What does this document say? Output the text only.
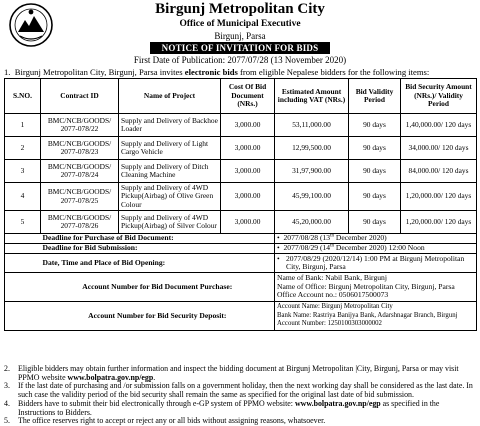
Birgunj Metropolitan City
Office of Municipal Executive
Birgunj, Parsa
NOTICE OF INVITATION FOR BIDS
First Date of Publication: 2077/07/28 (13 November 2020)
1. Birgunj Metropolitan City, Birgunj, Parsa invites electronic bids from eligible Nepalese bidders for the following items:
S.NO.	Contract ID	Name of Project	Cost Of Bid Document (NRs.)	Estimated Amount including VAT (NRs.)	Bid Validity Period	Bid Security Amount (NRs.)/ Validity Period
1	BMC/NCB/GOODS/ 2077-078/22	Supply and Delivery of Backhoe Loader	3,000.00	53,11,000.00	90 days	1,40,000.00/ 120 days
2	BMC/NCB/GOODS/ 2077-078/23	Supply and Delivery of Light Cargo Vehicle	3,000.00	12,99,500.00	90 days	34,000.00/ 120 days
3	BMC/NCB/GOODS/ 2077-078/24	Supply and Delivery of Ditch Cleaning Machine	3,000.00	31,97,900.00	90 days	84,000.00/ 120 days
4	BMC/NCB/GOODS/ 2077-078/25	Supply and Delivery of 4WD Pickup(Airbag) of Olive Green Colour	3,000.00	45,99,100.00	90 days	1,20,000.00/ 120 days
5	BMC/NCB/GOODS/ 2077-078/26	Supply and Delivery of 4WD Pickup(Airbag) of Silver Colour	3,000.00	45,20,000.00	90 days	1,20,000.00/ 120 days
	Deadline for Purchase of Bid Document:			•  2077/08/28 (13th December 2020)		
	Deadline for Bid Submission:			•  2077/08/29 (14th December 2020) 12:00 Noon		
	Date, Time and Place of Bid Opening:			• 2077/08/29 (2020/12/14) 1:00 PM at Birgunj Metropolitan City, Birgunj, Parsa		

	Account Number for Bid Document Purchase:			Name of Bank: Nabil Bank, Birgunj
Name of Office: Birgunj Metropolitan City, Birgunj, Parsa
Office Account no.: 0506017500073		

	Account Number for Bid Security Deposit:			Account Name: Birgunj Metropolitan City
Bank Name: Rastriya Banijya Bank, Adarshnagar Branch, Birgunj
Account Number: 1250100303000002		
2.	Eligible bidders may obtain further information and inspect the bidding document at Birgunj Metropolitan |City, Birgunj, Parsa or may visit PPMO website www.bolpatra.gov.np/egp.
3.	If the last date of purchasing and /or submission falls on a government holiday, then the next working day shall be considered as the last date. In such case the validity period of the bid security shall remain the same as specified for the original last date of bid submission.
4.	Bidders have to submit their bid electronically through e-GP system of PPMO website: www.bolpatra.gov.np/egp as specified in the Instructions to Bidders.
5.	The office reserves right to accept or reject any or all bids without assigning reasons, whatsoever.
